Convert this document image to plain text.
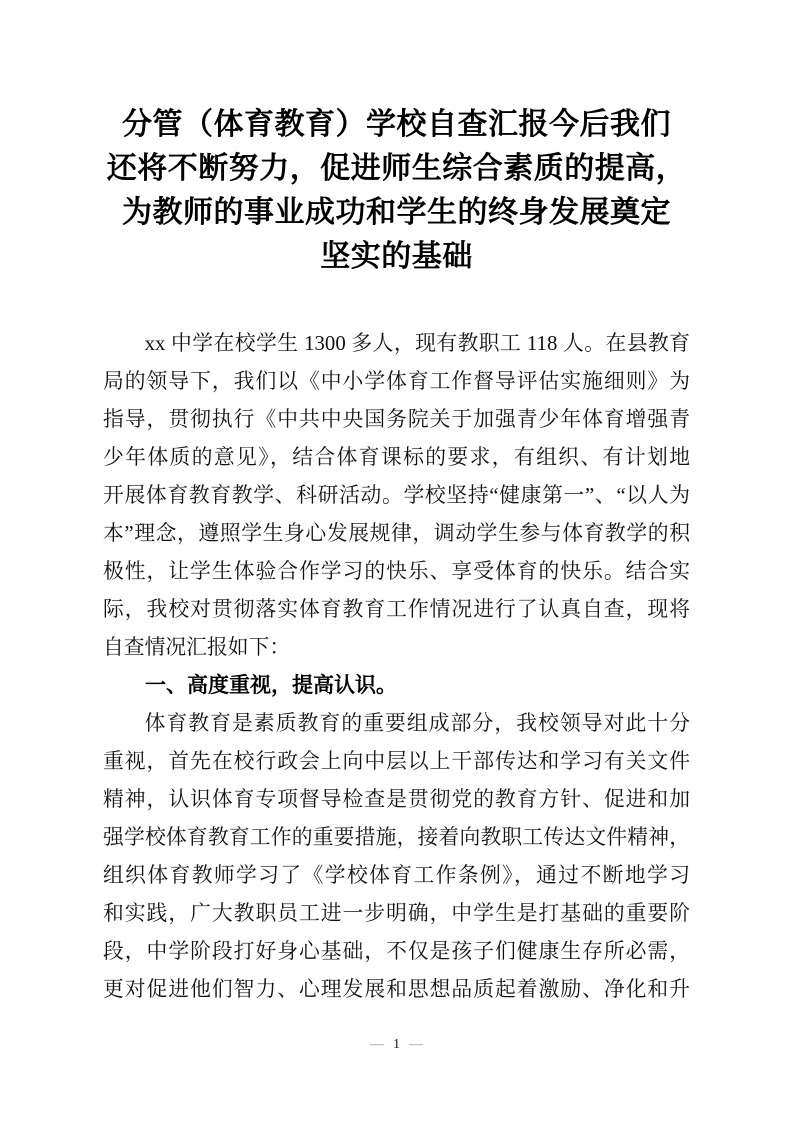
分管（体育教育）学校自查汇报今后我们
还将不断努力，促进师生综合素质的提高，
为教师的事业成功和学生的终身发展奠定
坚实的基础
xx 中学在校学生 1300 多人，现有教职工 118 人。在县教育
局的领导下，我们以《中小学体育工作督导评估实施细则》为
指导，贯彻执行《中共中央国务院关于加强青少年体育增强青
少年体质的意见》，结合体育课标的要求，有组织、有计划地
开展体育教育教学、科研活动。学校坚持“健康第一”、“以人为
本”理念，遵照学生身心发展规律，调动学生参与体育教学的积
极性，让学生体验合作学习的快乐、享受体育的快乐。结合实
际，我校对贯彻落实体育教育工作情况进行了认真自查，现将
自查情况汇报如下：
一、高度重视，提高认识。
体育教育是素质教育的重要组成部分，我校领导对此十分
重视，首先在校行政会上向中层以上干部传达和学习有关文件
精神，认识体育专项督导检查是贯彻党的教育方针、促进和加
强学校体育教育工作的重要措施，接着向教职工传达文件精神，
组织体育教师学习了《学校体育工作条例》，通过不断地学习
和实践，广大教职员工进一步明确，中学生是打基础的重要阶
段，中学阶段打好身心基础，不仅是孩子们健康生存所必需，
更对促进他们智力、心理发展和思想品质起着激励、净化和升
— 1 —
